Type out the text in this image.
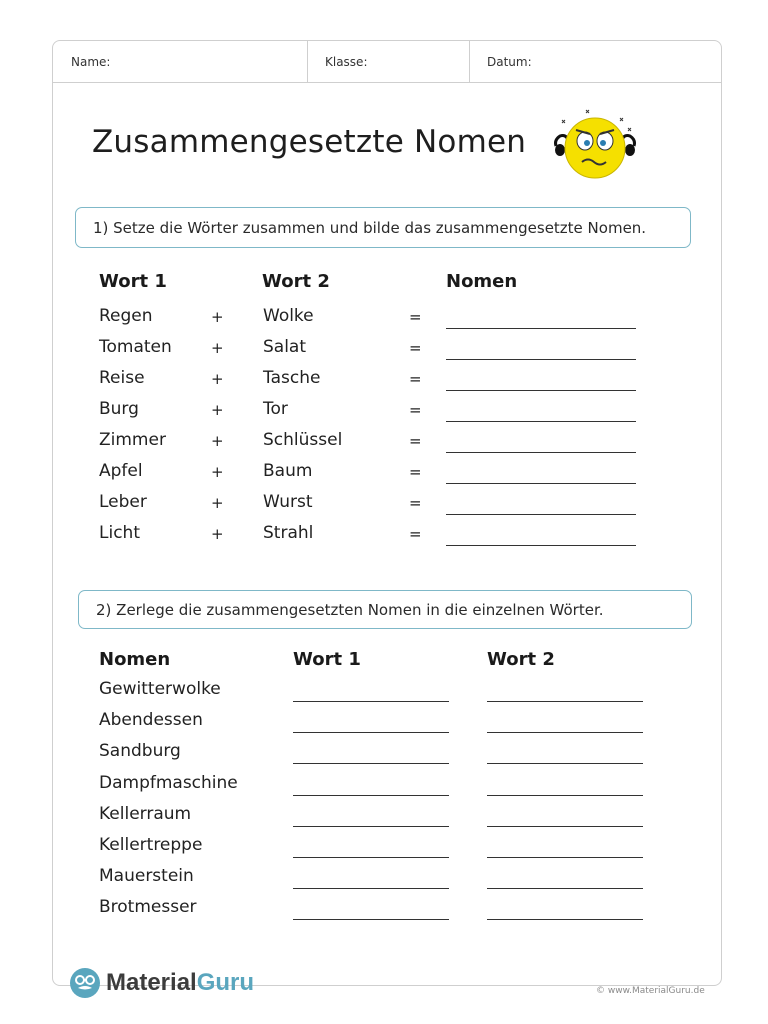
Name:	Klasse:	Datum:
Zusammengesetzte Nomen
1) Setze die Wörter zusammen und bilde das zusammengesetzte Nomen.
Wort 1	Wort 2	Nomen
Regen	+ Wolke	=
Tomaten	+ Salat	=
Reise	+ Tasche	=
Burg	+ Tor	=
Zimmer	+ Schlüssel	=
Apfel	+ Baum	=
Leber	+ Wurst	=
Licht	+ Strahl	=
2) Zerlege die zusammengesetzten Nomen in die einzelnen Wörter.
Nomen	Wort 1	Wort 2
Gewitterwolke
Abendessen
Sandburg
Dampfmaschine
Kellerraum
Kellertreppe
Mauerstein
Brotmesser
MaterialGuru	© www.MaterialGuru.de
